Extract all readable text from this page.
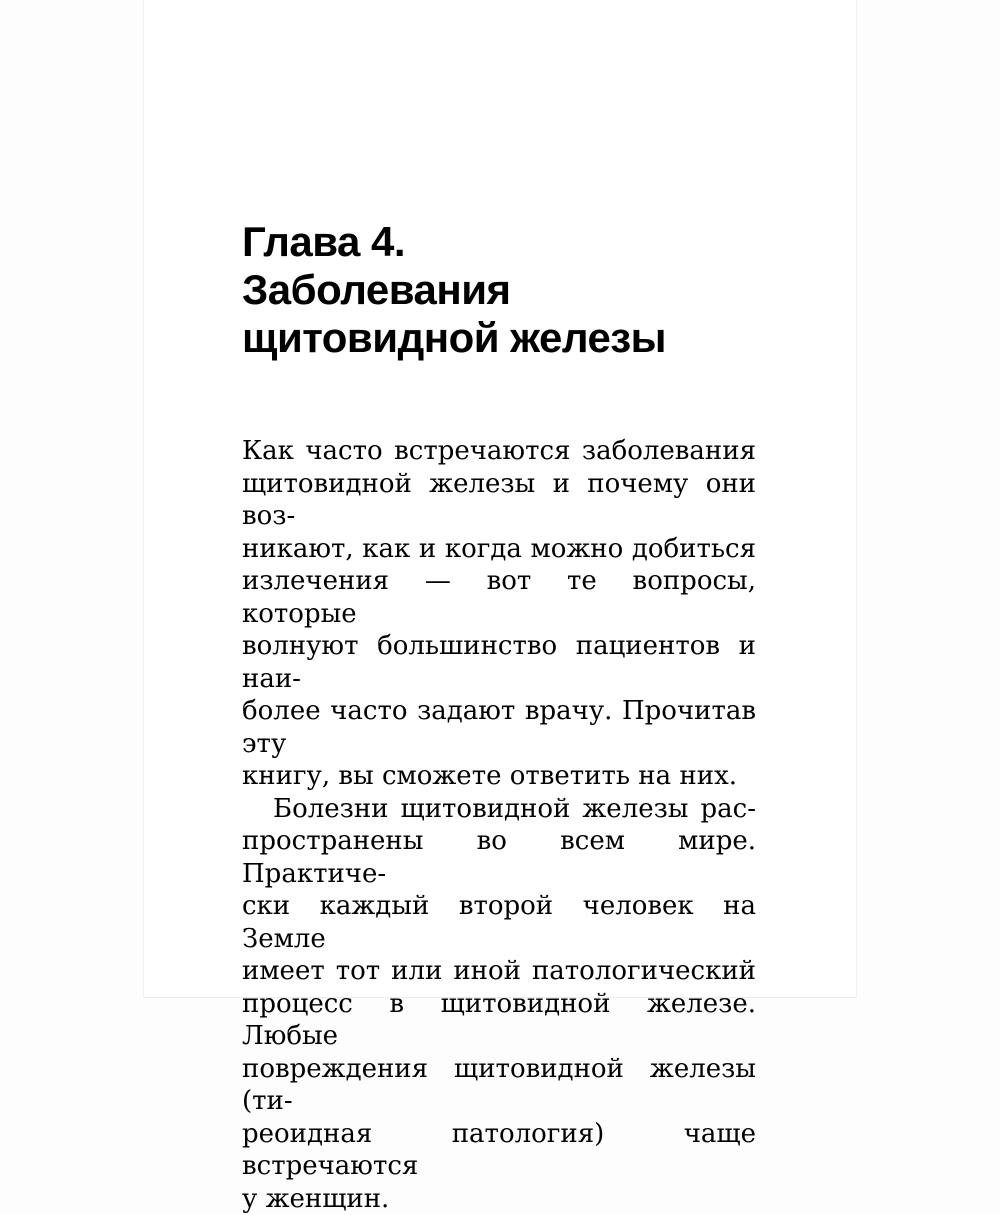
Глава 4.
Заболевания
щитовидной железы
Как часто встречаются заболевания
щитовидной железы и почему они воз-
никают, как и когда можно добиться
излечения — вот те вопросы, которые
волнуют большинство пациентов и наи-
более часто задают врачу. Прочитав эту
книгу, вы сможете ответить на них.
Болезни щитовидной железы рас-
пространены во всем мире. Практиче-
ски каждый второй человек на Земле
имеет тот или иной патологический
процесс в щитовидной железе. Любые
повреждения щитовидной железы (ти-
реоидная патология) чаще встречаются
у женщин.
